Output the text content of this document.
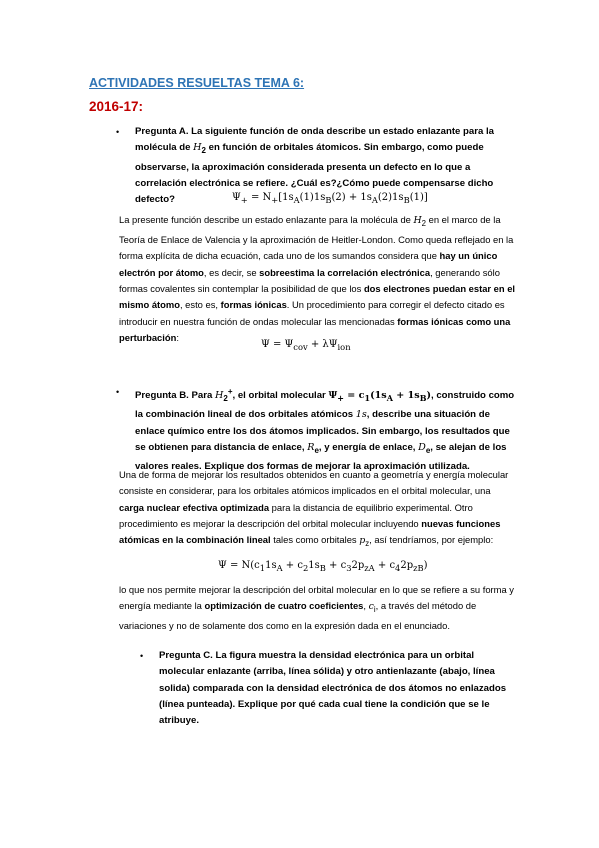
ACTIVIDADES RESUELTAS TEMA 6:
2016-17:
• Pregunta A. La siguiente función de onda describe un estado enlazante para la molécula de $H_2$ en función de orbitales átomicos. Sin embargo, como puede observarse, la aproximación considerada presenta un defecto en lo que a correlación electrónica se refiere. ¿Cuál es?¿Cómo puede compensarse dicho defecto?	$\Psi_+ = N_+[1s_A(1)1s_B(2) + 1s_A(2)1s_B(1)]$

La presente función describe un estado enlazante para la molécula de $H_2$ en el marco de la Teoría de Enlace de Valencia y la aproximación de Heitler-London. Como queda reflejado en la forma explícita de dicha ecuación, cada uno de los sumandos considera que hay un único electrón por átomo, es decir, se sobreestima la correlación electrónica, generando sólo formas covalentes sin contemplar la posibilidad de que los dos electrones puedan estar en el mismo átomo, esto es, formas iónicas. Un procedimiento para corregir el defecto citado es introducir en nuestra función de ondas molecular las mencionadas formas iónicas como una perturbación:

$\Psi = \Psi_{cov} + \lambda\Psi_{ion}$
• Pregunta B. Para $H_2^+$, el orbital molecular $\Psi_+ = c_1(1s_A + 1s_B)$, construido como la combinación lineal de dos orbitales atómicos 1s, describe una situación de enlace químico entre los dos átomos implicados. Sin embargo, los resultados que se obtienen para distancia de enlace, $R_e$, y energía de enlace, $D_e$, se alejan de los valores reales. Explique dos formas de mejorar la aproximación utilizada.

Una de forma de mejorar los resultados obtenidos en cuanto a geometría y energía molecular consiste en considerar, para los orbitales atómicos implicados en el orbital molecular, una carga nuclear efectiva optimizada para la distancia de equilibrio experimental. Otro procedimiento es mejorar la descripción del orbital molecular incluyendo nuevas funciones atómicas en la combinación lineal tales como orbitales $p_z$, así tendríamos, por ejemplo:

$\Psi = N(c_11s_A + c_21s_B + c_32p_{zA} + c_42p_{zB})$

lo que nos permite mejorar la descripción del orbital molecular en lo que se refiere a su forma y energía mediante la optimización de cuatro coeficientes, $c_i$, a través del método de variaciones y no de solamente dos como en la expresión dada en el enunciado.

• Pregunta C. La figura muestra la densidad electrónica para un orbital molecular enlazante (arriba, línea sólida) y otro antienlazante (abajo, línea solida) comparada con la densidad electrónica de dos átomos no enlazados (línea punteada). Explique por qué cada cual tiene la condición que se le atribuye.
